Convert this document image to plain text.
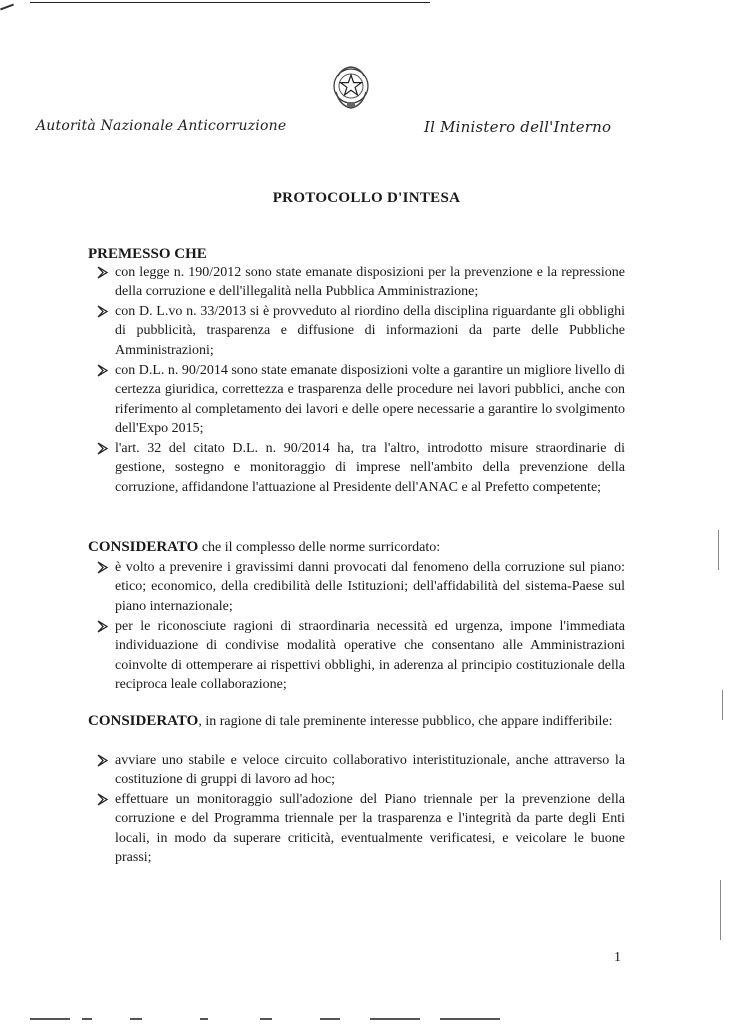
Autorità Nazionale Anticorruzione	Il Ministero dell'Interno
PROTOCOLLO D'INTESA
PREMESSO CHE

con legge n. 190/2012 sono state emanate disposizioni per la prevenzione e la repressione della corruzione e dell'illegalità nella Pubblica Amministrazione;

con D. L.vo n. 33/2013 si è provveduto al riordino della disciplina riguardante gli obblighi di pubblicità, trasparenza e diffusione di informazioni da parte delle Pubbliche Amministrazioni;

con D.L. n. 90/2014 sono state emanate disposizioni volte a garantire un migliore livello di certezza giuridica, correttezza e trasparenza delle procedure nei lavori pubblici, anche con riferimento al completamento dei lavori e delle opere necessarie a garantire lo svolgimento dell'Expo 2015;

l'art. 32 del citato D.L. n. 90/2014 ha, tra l'altro, introdotto misure straordinarie di gestione, sostegno e monitoraggio di imprese nell'ambito della prevenzione della corruzione, affidandone l'attuazione al Presidente dell'ANAC e al Prefetto competente;

CONSIDERATO che il complesso delle norme surricordato:

è volto a prevenire i gravissimi danni provocati dal fenomeno della corruzione sul piano: etico; economico, della credibilità delle Istituzioni; dell'affidabilità del sistema-Paese sul piano internazionale;

per le riconosciute ragioni di straordinaria necessità ed urgenza, impone l'immediata individuazione di condivise modalità operative che consentano alle Amministrazioni coinvolte di ottemperare ai rispettivi obblighi, in aderenza al principio costituzionale della reciproca leale collaborazione;

CONSIDERATO, in ragione di tale preminente interesse pubblico, che appare indifferibile:

avviare uno stabile e veloce circuito collaborativo interistituzionale, anche attraverso la costituzione di gruppi di lavoro ad hoc;

effettuare un monitoraggio sull'adozione del Piano triennale per la prevenzione della corruzione e del Programma triennale per la trasparenza e l'integrità da parte degli Enti locali, in modo da superare criticità, eventualmente verificatesi, e veicolare le buone prassi;

1
